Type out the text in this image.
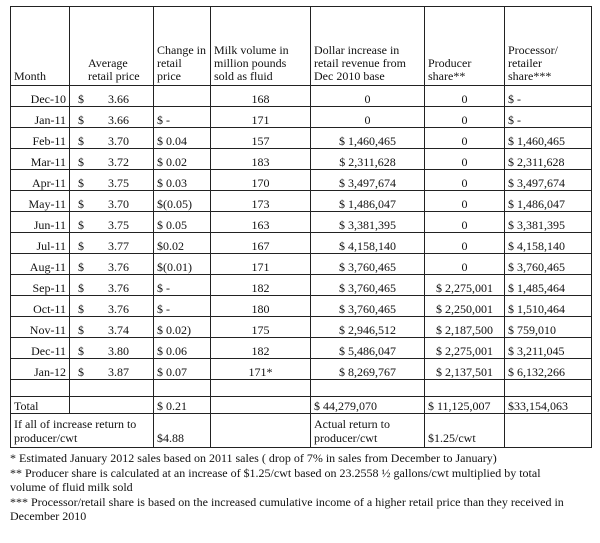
Month	Average retail price	Change in retail price	Milk volume in million pounds sold as fluid	Dollar increase in retail revenue from Dec 2010 base	Producer share**	Processor/ retailer share***
Dec-10	$ 3.66		168	0	0	$ -
Jan-11	$ 3.66	$ -	171	0	0	$ -
Feb-11	$ 3.70	$ 0.04	157	$ 1,460,465	0	$ 1,460,465
Mar-11	$ 3.72	$ 0.02	183	$ 2,311,628	0	$ 2,311,628
Apr-11	$ 3.75	$ 0.03	170	$ 3,497,674	0	$ 3,497,674
May-11	$ 3.70	$(0.05)	173	$ 1,486,047	0	$ 1,486,047
Jun-11	$ 3.75	$ 0.05	163	$ 3,381,395	0	$ 3,381,395
Jul-11	$ 3.77	$0.02	167	$ 4,158,140	0	$ 4,158,140
Aug-11	$ 3.76	$(0.01)	171	$ 3,760,465	0	$ 3,760,465
Sep-11	$ 3.76	$ -	182	$ 3,760,465	$ 2,275,001	$ 1,485,464
Oct-11	$ 3.76	$ -	180	$ 3,760,465	$ 2,250,001	$ 1,510,464
Nov-11	$ 3.74	$ 0.02)	175	$ 2,946,512	$ 2,187,500	$ 759,010
Dec-11	$ 3.80	$ 0.06	182	$ 5,486,047	$ 2,275,001	$ 3,211,045
Jan-12	$ 3.87	$ 0.07	171*	$ 8,269,767	$ 2,137,501	$ 6,132,266

Total		$ 0.21		$ 44,279,070	$ 11,125,007	$33,154,063
If all of increase return to producer/cwt		$4.88		Actual return to producer/cwt	$1.25/cwt	

* Estimated January 2012 sales based on 2011 sales ( drop of 7% in sales from December to January)

** Producer share is calculated at an increase of $1.25/cwt based on 23.2558 ½ gallons/cwt multiplied by total volume of fluid milk sold

*** Processor/retail share is based on the increased cumulative income of a higher retail price than they received in December 2010
